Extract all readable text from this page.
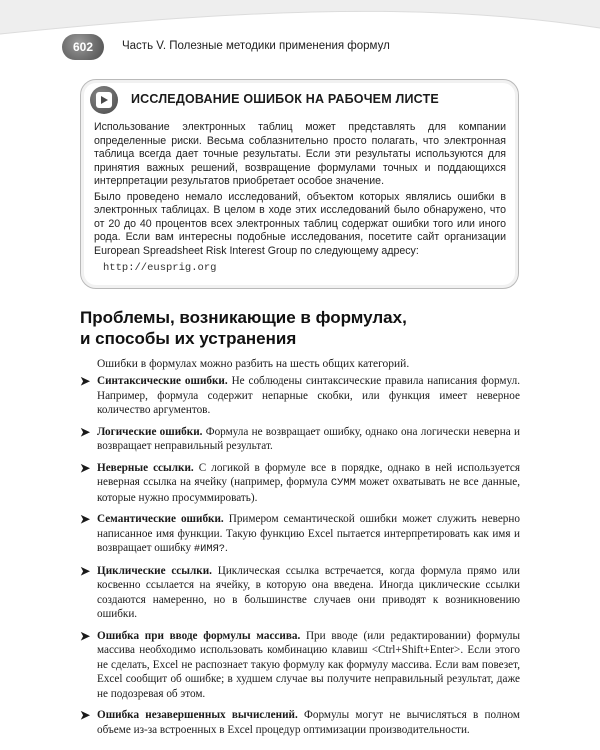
602	Часть V. Полезные методики применения формул
ИССЛЕДОВАНИЕ ОШИБОК НА РАБОЧЕМ ЛИСТЕ

Использование электронных таблиц может представлять для компании определенные риски. Весьма соблазнительно просто полагать, что электронная таблица всегда дает точные результаты. Если эти результаты используются для принятия важных решений, возвращение формулами точных и поддающихся интерпретации результатов приобретает особое значение.

Было проведено немало исследований, объектом которых являлись ошибки в электронных таблицах. В целом в ходе этих исследований было обнаружено, что от 20 до 40 процентов всех электронных таблиц содержат ошибки того или иного рода. Если вам интересны подобные исследования, посетите сайт организации European Spreadsheet Risk Interest Group по следующему адресу:

http://eusprig.org
Проблемы, возникающие в формулах,
и способы их устранения
Ошибки в формулах можно разбить на шесть общих категорий.
➤ Синтаксические ошибки. Не соблюдены синтаксические правила написания формул. Например, формула содержит непарные скобки, или функция имеет неверное количество аргументов.
➤ Логические ошибки. Формула не возвращает ошибку, однако она логически неверна и возвращает неправильный результат.
➤ Неверные ссылки. С логикой в формуле все в порядке, однако в ней используется неверная ссылка на ячейку (например, формула СУММ может охватывать не все данные, которые нужно просуммировать).
➤ Семантические ошибки. Примером семантической ошибки может служить неверно написанное имя функции. Такую функцию Excel пытается интерпретировать как имя и возвращает ошибку #ИМЯ?.
➤ Циклические ссылки. Циклическая ссылка встречается, когда формула прямо или косвенно ссылается на ячейку, в которую она введена. Иногда циклические ссылки создаются намеренно, но в большинстве случаев они приводят к возникновению ошибки.
➤ Ошибка при вводе формулы массива. При вводе (или редактировании) формулы массива необходимо использовать комбинацию клавиш <Ctrl+Shift+Enter>. Если этого не сделать, Excel не распознает такую формулу как формулу массива. Если вам повезет, Excel сообщит об ошибке; в худшем случае вы получите неправильный результат, даже не подозревая об этом.
➤ Ошибка незавершенных вычислений. Формулы могут не вычисляться в полном объеме из-за встроенных в Excel процедур оптимизации производительности.
